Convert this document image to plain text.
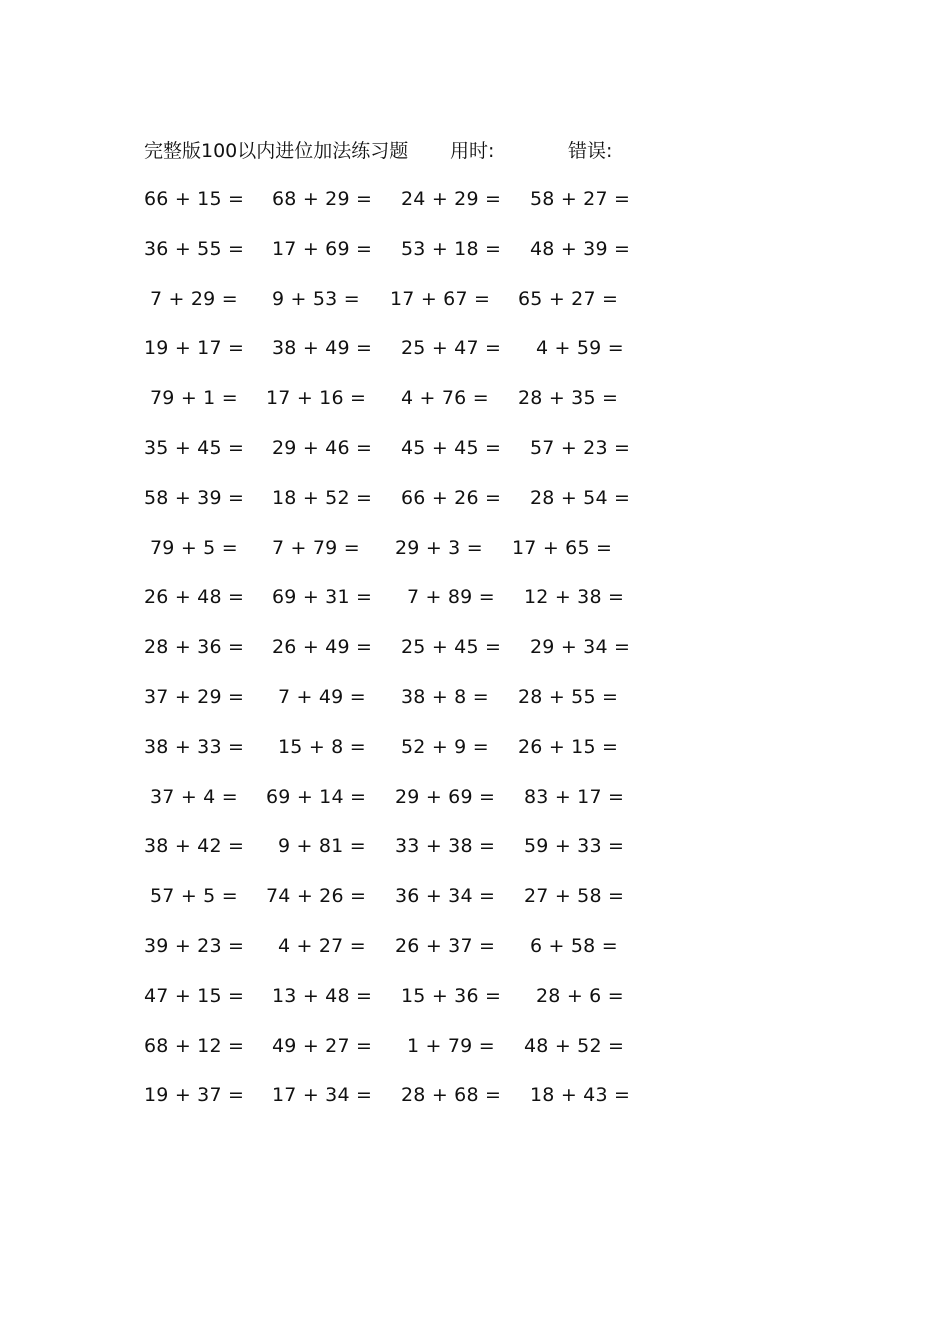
完整版100以内进位加法练习题 用时:	错误:
66 + 15 = 68 + 29 = 24 + 29 = 58 + 27 =
36 + 55 = 17 + 69 = 53 + 18 = 48 + 39 =
7 + 29 = 9 + 53 = 17 + 67 = 65 + 27 =
19 + 17 = 38 + 49 = 25 + 47 = 4 + 59 =
79 + 1 = 17 + 16 = 4 + 76 = 28 + 35 =
35 + 45 = 29 + 46 = 45 + 45 = 57 + 23 =
58 + 39 = 18 + 52 = 66 + 26 = 28 + 54 =
79 + 5 = 7 + 79 = 29 + 3 = 17 + 65 =
26 + 48 = 69 + 31 = 7 + 89 = 12 + 38 =
28 + 36 = 26 + 49 = 25 + 45 = 29 + 34 =
37 + 29 = 7 + 49 = 38 + 8 = 28 + 55 =
38 + 33 = 15 + 8 = 52 + 9 = 26 + 15 =
37 + 4 = 69 + 14 = 29 + 69 = 83 + 17 =
38 + 42 = 9 + 81 = 33 + 38 = 59 + 33 =
57 + 5 = 74 + 26 = 36 + 34 = 27 + 58 =
39 + 23 = 4 + 27 = 26 + 37 = 6 + 58 =
47 + 15 = 13 + 48 = 15 + 36 = 28 + 6 =
68 + 12 = 49 + 27 = 1 + 79 = 48 + 52 =
19 + 37 = 17 + 34 = 28 + 68 = 18 + 43 =
